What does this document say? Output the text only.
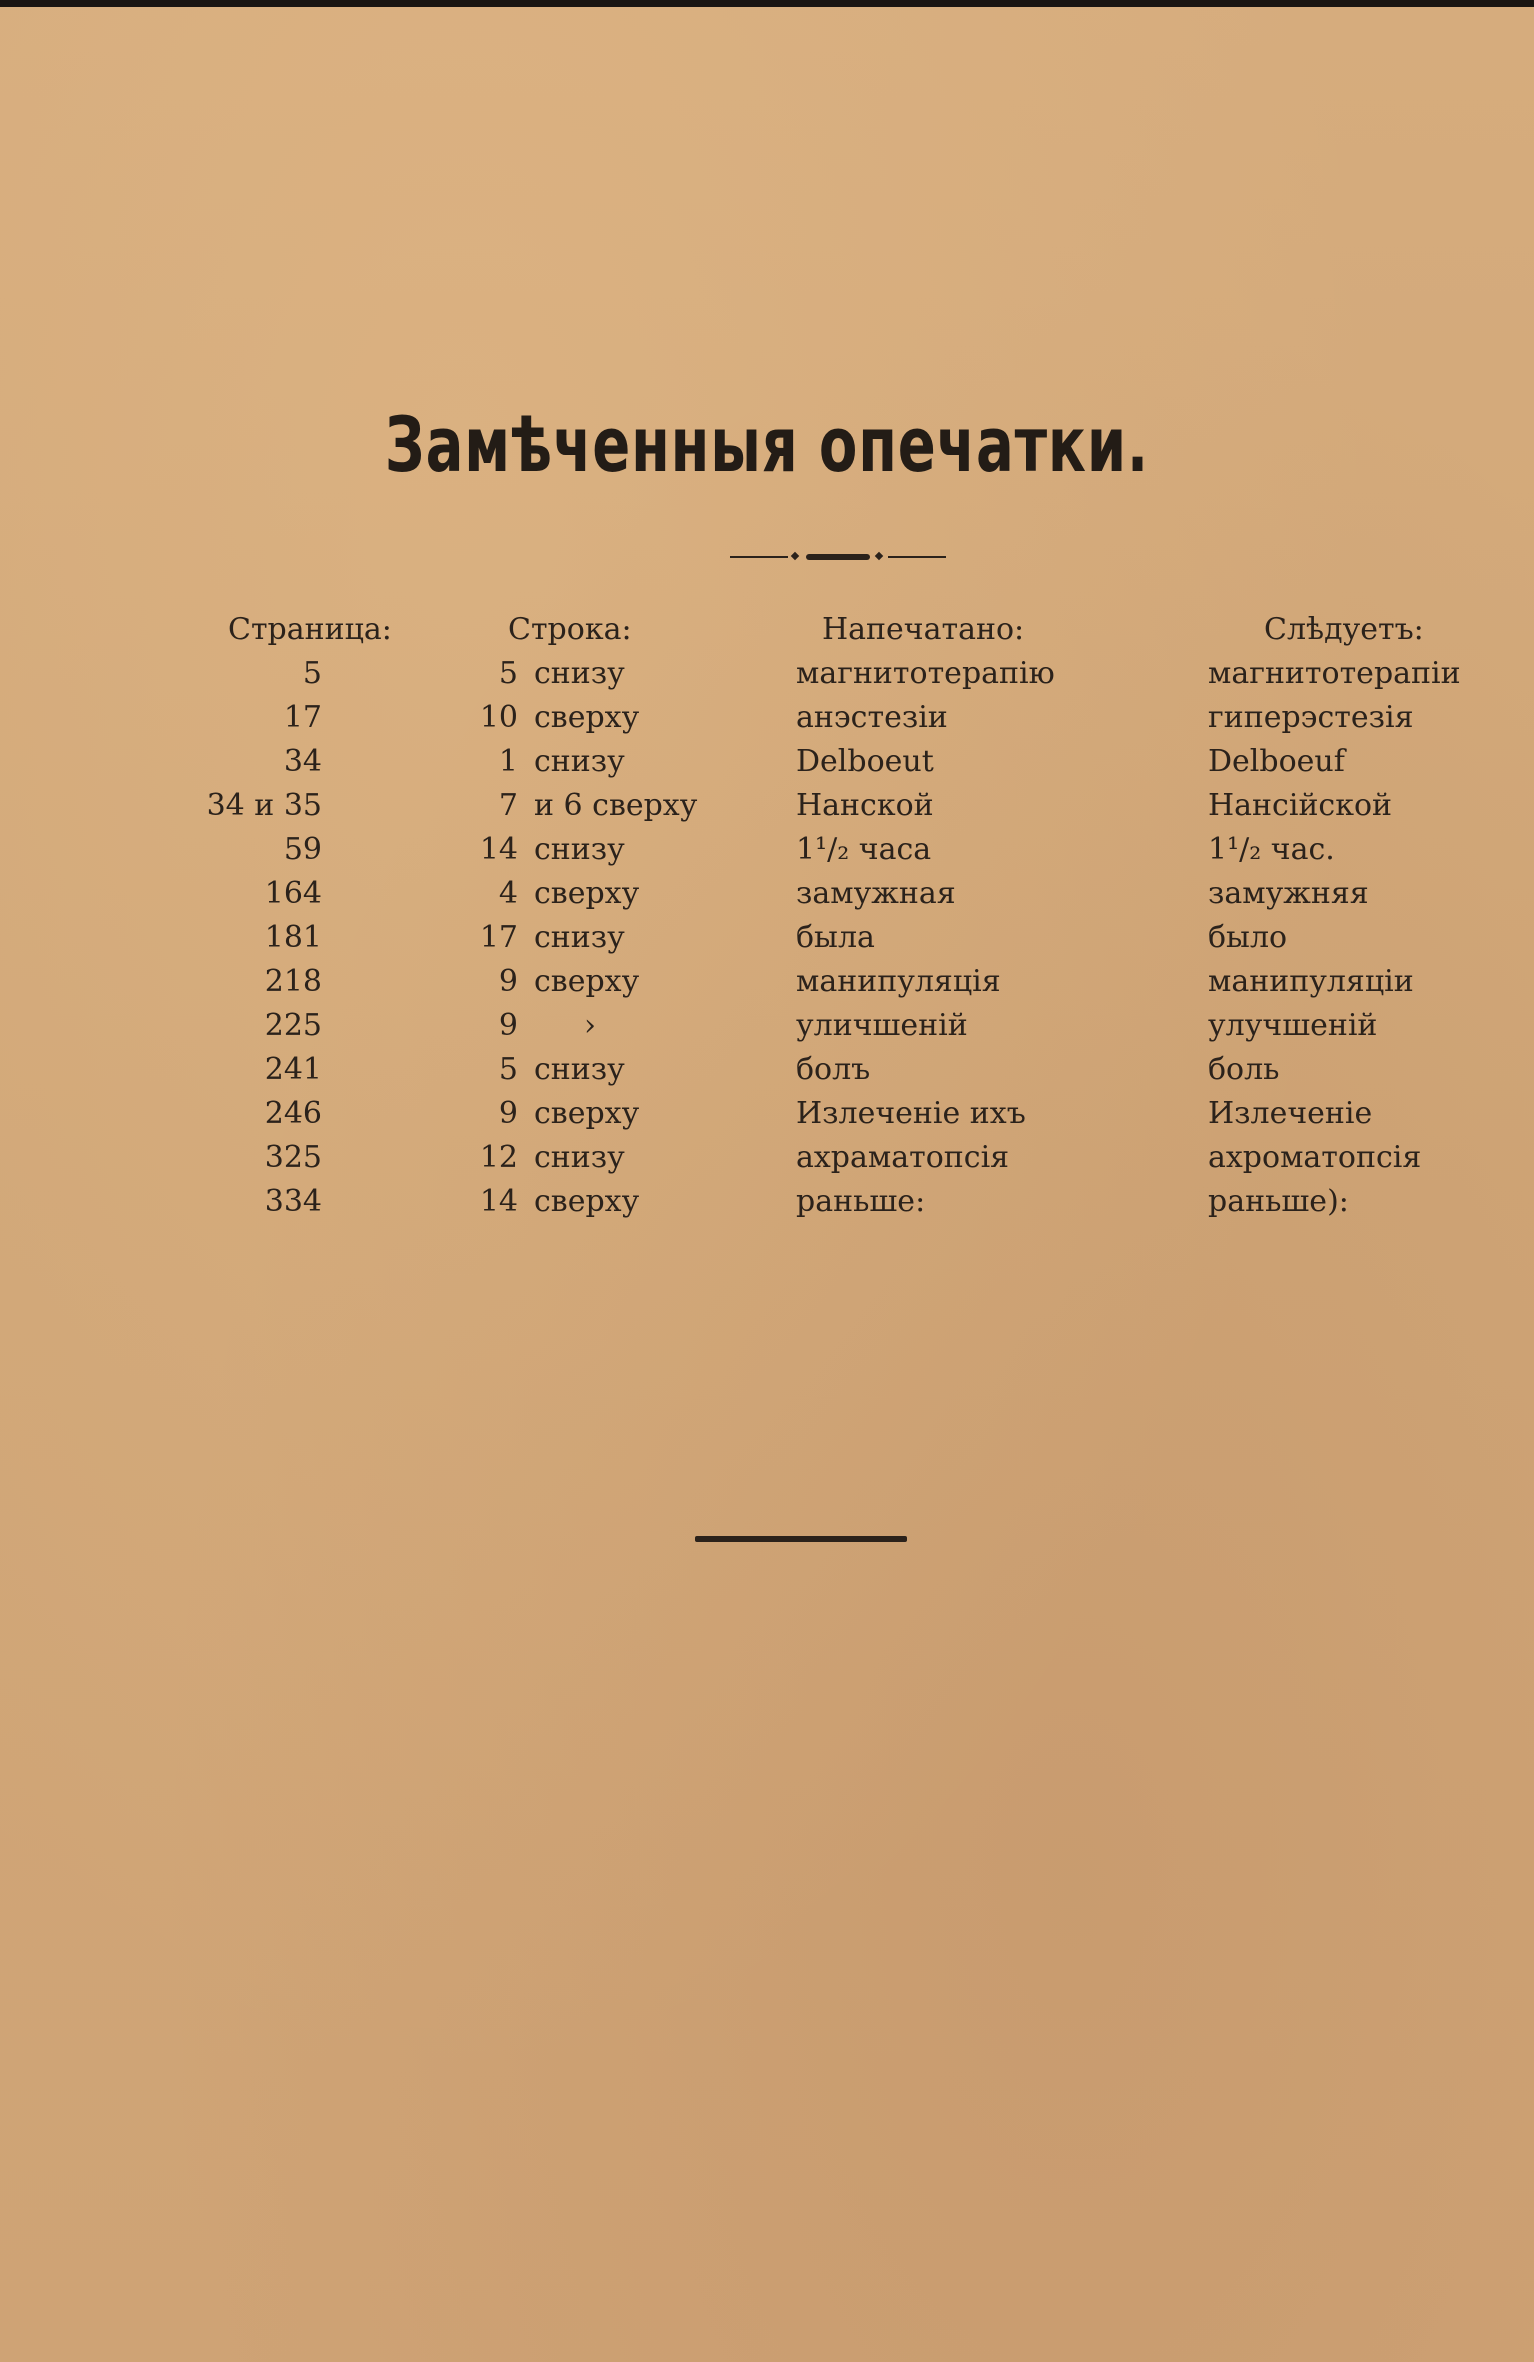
Замѣченныя опечатки.
Страница:	Строка:	Напечатано:	Слѣдуетъ:
5	5 снизу	магнитотерапію	магнитотерапіи
17	10 сверху	анэстезіи	гиперэстезія
34	1 снизу	Delboeut	Delboeuf
34 и 35	7 и 6 сверху	Нанской	Нансійской
59	14 снизу	1¹/₂ часа	1¹/₂ час.
164	4 сверху	замужная	замужняя
181	17 снизу	была	было
218	9 сверху	манипуляція	манипуляціи
225	9 ›	уличшеній	улучшеній
241	5 снизу	болъ	боль
246	9 сверху	Излеченіе ихъ	Излеченіе
325	12 снизу	ахраматопсія	ахроматопсія
334	14 сверху	раньше:	раньше):
